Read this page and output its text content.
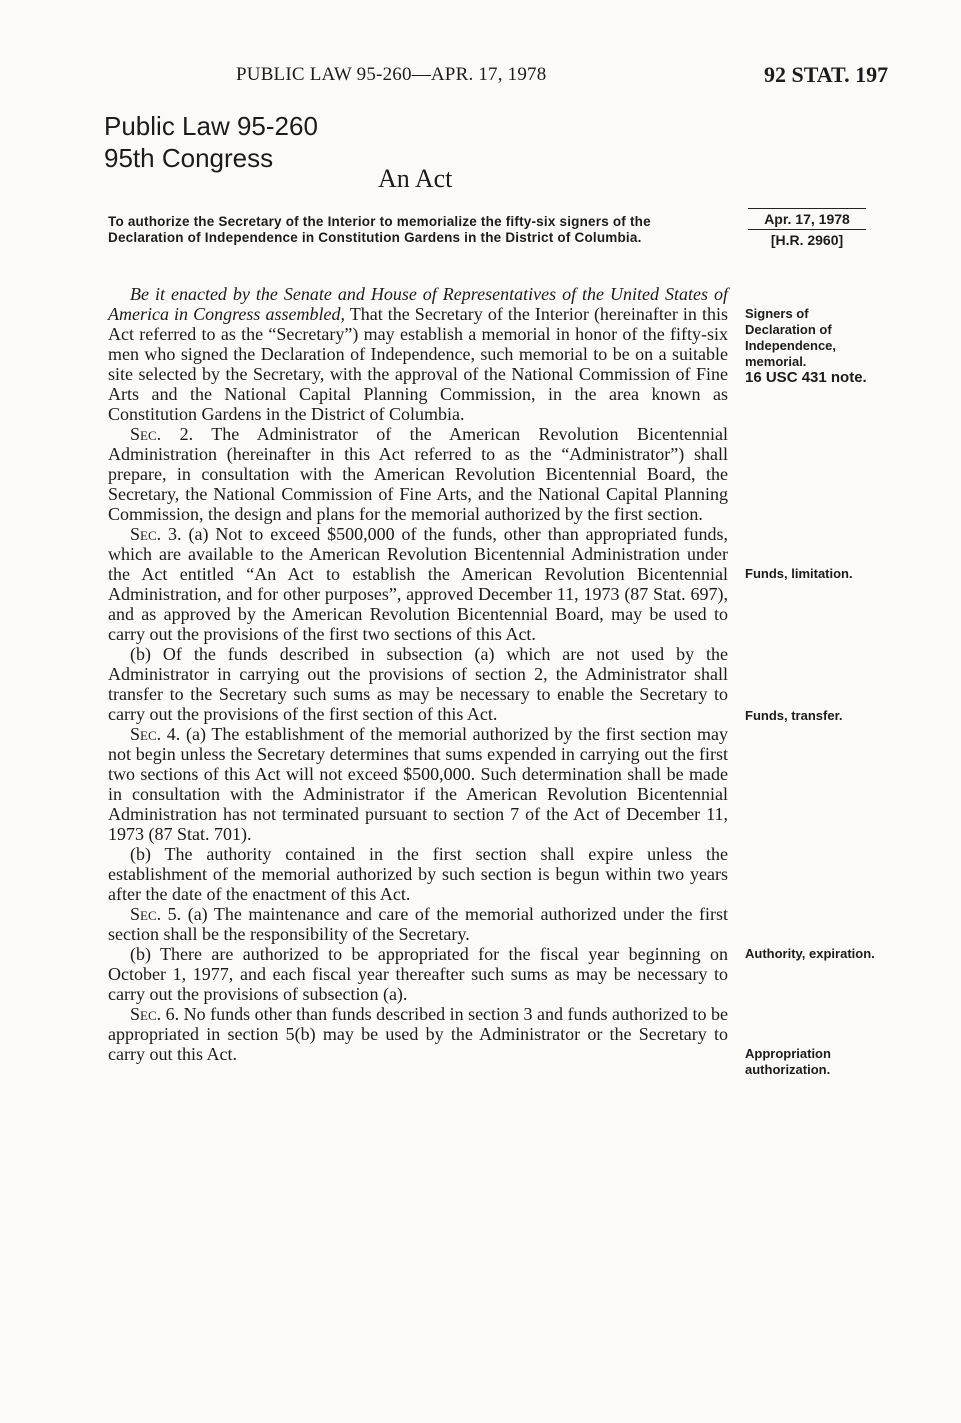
PUBLIC LAW 95-260—APR. 17, 1978	92 STAT. 197
Public Law 95-260
95th Congress
An Act
To authorize the Secretary of the Interior to memorialize the fifty-six signers of the Declaration of Independence in Constitution Gardens in the District of Columbia.
Apr. 17, 1978
[H.R. 2960]

Be it enacted by the Senate and House of Representatives of the United States of America in Congress assembled, That the Secretary of the Interior (hereinafter in this Act referred to as the “Secretary”) may establish a memorial in honor of the fifty-six men who signed the Declaration of Independence, such memorial to be on a suitable site selected by the Secretary, with the approval of the National Commission of Fine Arts and the National Capital Planning Commission, in the area known as Constitution Gardens in the District of Columbia.

Sec. 2. The Administrator of the American Revolution Bicentennial Administration (hereinafter in this Act referred to as the “Administrator”) shall prepare, in consultation with the American Revolution Bicentennial Board, the Secretary, the National Commission of Fine Arts, and the National Capital Planning Commission, the design and plans for the memorial authorized by the first section.

Sec. 3. (a) Not to exceed $500,000 of the funds, other than appropriated funds, which are available to the American Revolution Bicentennial Administration under the Act entitled “An Act to establish the American Revolution Bicentennial Administration, and for other purposes”, approved December 11, 1973 (87 Stat. 697), and as approved by the American Revolution Bicentennial Board, may be used to carry out the provisions of the first two sections of this Act.

(b) Of the funds described in subsection (a) which are not used by the Administrator in carrying out the provisions of section 2, the Administrator shall transfer to the Secretary such sums as may be necessary to enable the Secretary to carry out the provisions of the first section of this Act.

Sec. 4. (a) The establishment of the memorial authorized by the first section may not begin unless the Secretary determines that sums expended in carrying out the first two sections of this Act will not exceed $500,000. Such determination shall be made in consultation with the Administrator if the American Revolution Bicentennial Administration has not terminated pursuant to section 7 of the Act of December 11, 1973 (87 Stat. 701).

(b) The authority contained in the first section shall expire unless the establishment of the memorial authorized by such section is begun within two years after the date of the enactment of this Act.

Sec. 5. (a) The maintenance and care of the memorial authorized under the first section shall be the responsibility of the Secretary.

(b) There are authorized to be appropriated for the fiscal year beginning on October 1, 1977, and each fiscal year thereafter such sums as may be necessary to carry out the provisions of subsection (a).

Sec. 6. No funds other than funds described in section 3 and funds authorized to be appropriated in section 5(b) may be used by the Administrator or the Secretary to carry out this Act.

Signers of Declaration of Independence, memorial.
16 USC 431 note.
Funds, limitation.
Funds, transfer.
Authority, expiration.
Appropriation authorization.
